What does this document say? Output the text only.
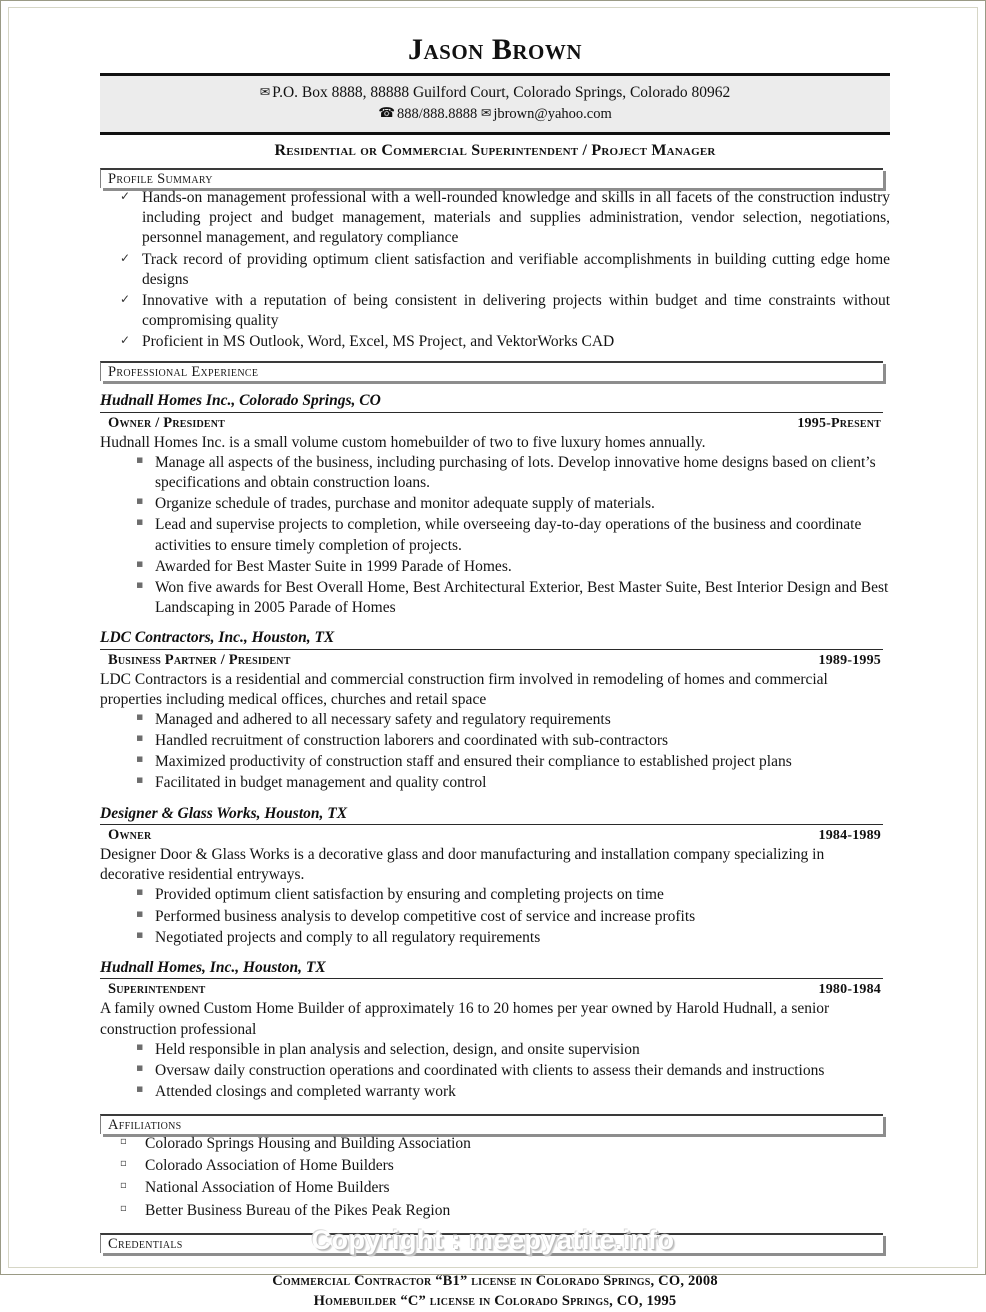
Jason Brown
✉ P.O. Box 8888, 88888 Guilford Court, Colorado Springs, Colorado 80962
☎ 888/888.8888 ✉ jbrown@yahoo.com
Residential or Commercial Superintendent / Project Manager
Profile Summary
✓ Hands-on management professional with a well-rounded knowledge and skills in all facets of the construction industry including project and budget management, materials and supplies administration, vendor selection, negotiations, personnel management, and regulatory compliance
✓ Track record of providing optimum client satisfaction and verifiable accomplishments in building cutting edge home designs
✓ Innovative with a reputation of being consistent in delivering projects within budget and time constraints without compromising quality
✓ Proficient in MS Outlook, Word, Excel, MS Project, and VektorWorks CAD
Professional Experience
Hudnall Homes Inc., Colorado Springs, CO
Owner / President	1995-Present
Hudnall Homes Inc. is a small volume custom homebuilder of two to five luxury homes annually.
▪ Manage all aspects of the business, including purchasing of lots. Develop innovative home designs based on client’s specifications and obtain construction loans.
▪ Organize schedule of trades, purchase and monitor adequate supply of materials.
▪ Lead and supervise projects to completion, while overseeing day-to-day operations of the business and coordinate activities to ensure timely completion of projects.
▪ Awarded for Best Master Suite in 1999 Parade of Homes.
▪ Won five awards for Best Overall Home, Best Architectural Exterior, Best Master Suite, Best Interior Design and Best Landscaping in 2005 Parade of Homes
LDC Contractors, Inc., Houston, TX
Business Partner / President	1989-1995
LDC Contractors is a residential and commercial construction firm involved in remodeling of homes and commercial properties including medical offices, churches and retail space
▪ Managed and adhered to all necessary safety and regulatory requirements
▪ Handled recruitment of construction laborers and coordinated with sub-contractors
▪ Maximized productivity of construction staff and ensured their compliance to established project plans
▪ Facilitated in budget management and quality control
Designer & Glass Works, Houston, TX
Owner	1984-1989
Designer Door & Glass Works is a decorative glass and door manufacturing and installation company specializing in decorative residential entryways.
▪ Provided optimum client satisfaction by ensuring and completing projects on time
▪ Performed business analysis to develop competitive cost of service and increase profits
▪ Negotiated projects and comply to all regulatory requirements
Hudnall Homes, Inc., Houston, TX
Superintendent	1980-1984
A family owned Custom Home Builder of approximately 16 to 20 homes per year owned by Harold Hudnall, a senior construction professional
▪ Held responsible in plan analysis and selection, design, and onsite supervision
▪ Oversaw daily construction operations and coordinated with clients to assess their demands and instructions
▪ Attended closings and completed warranty work
Affiliations
▫ Colorado Springs Housing and Building Association
▫ Colorado Association of Home Builders
▫ National Association of Home Builders
▫ Better Business Bureau of the Pikes Peak Region
Credentials
Commercial Contractor “B1” license in Colorado Springs, CO, 2008
Homebuilder “C” license in Colorado Springs, CO, 1995
Copyright : meepyatite.info
